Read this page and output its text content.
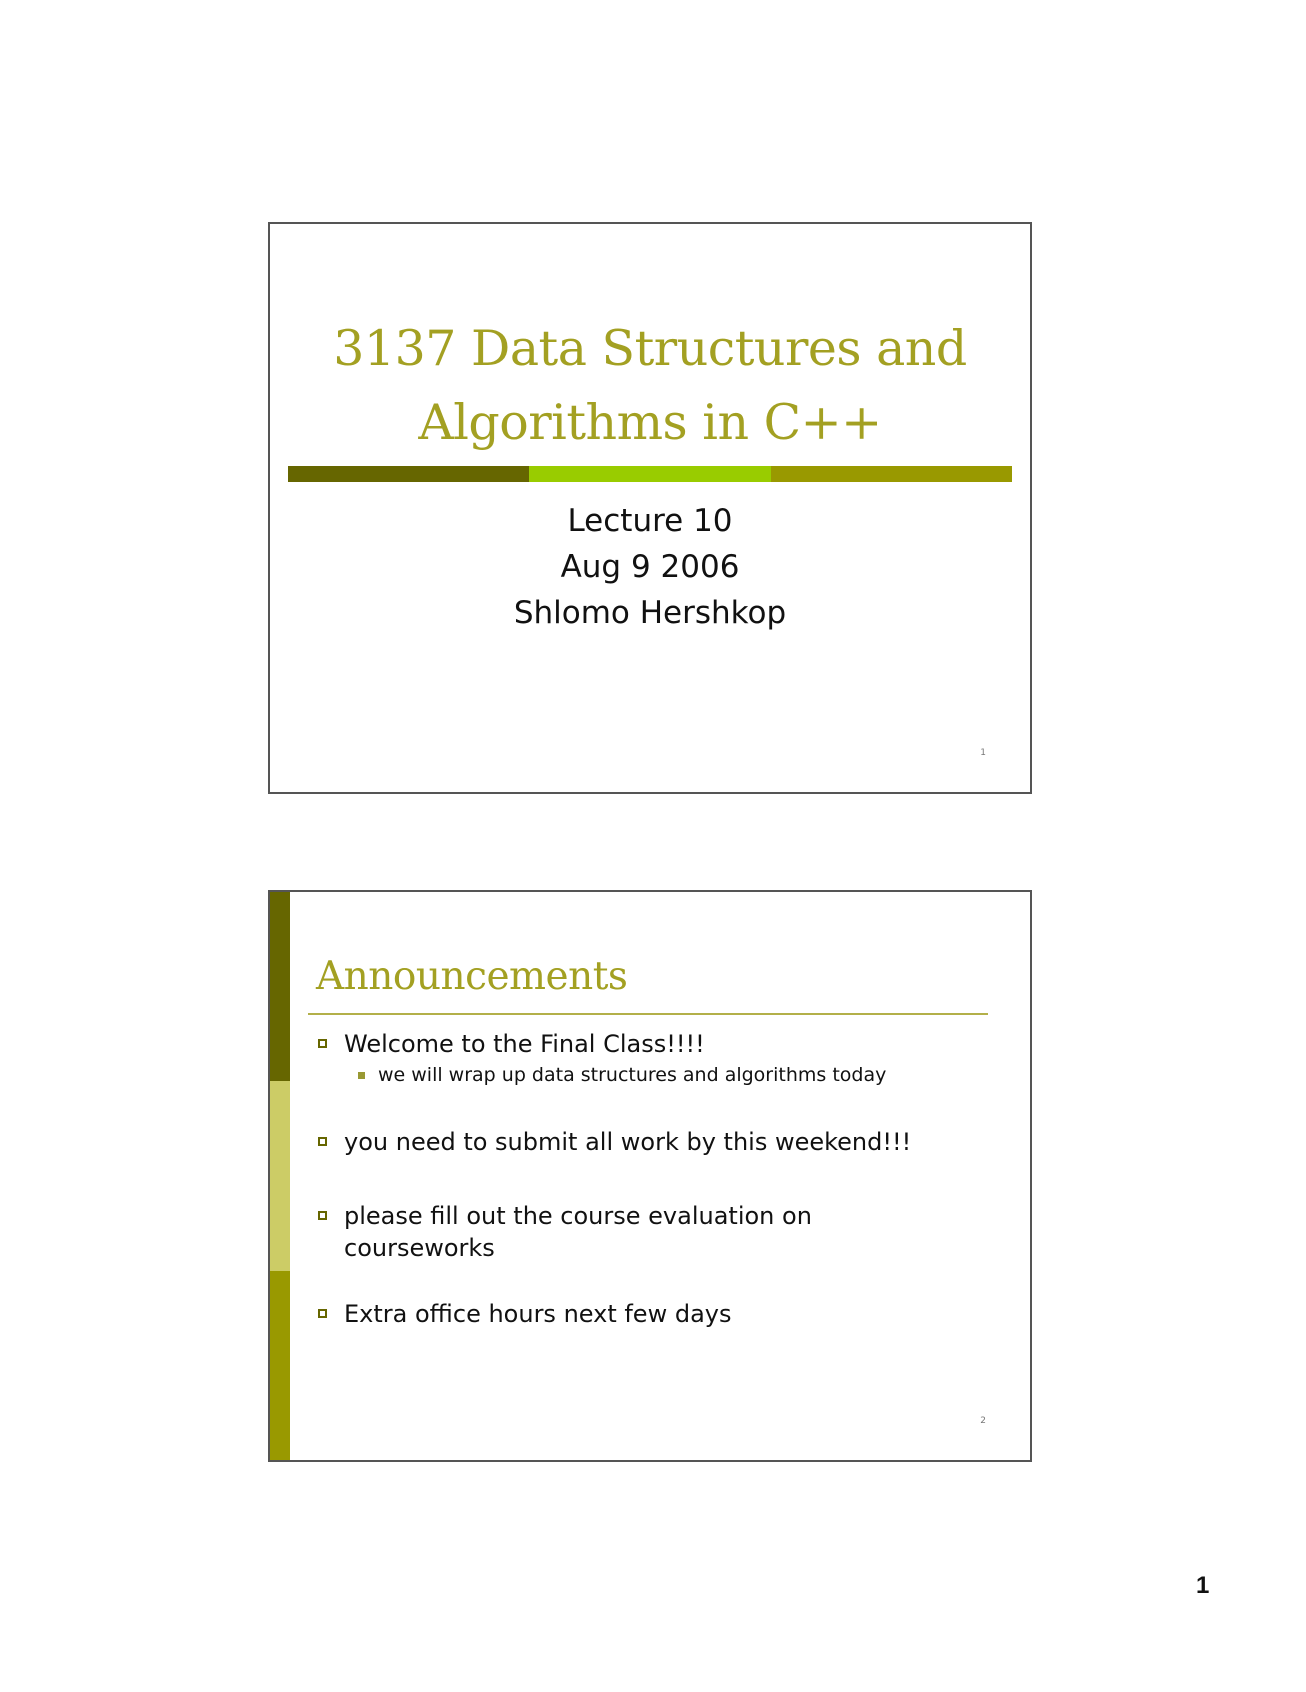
3137 Data Structures and
Algorithms in C++
Lecture 10
Aug 9 2006
Shlomo Hershkop
1
Announcements
Welcome to the Final Class!!!!
we will wrap up data structures and algorithms today
you need to submit all work by this weekend!!!
please fill out the course evaluation on courseworks
Extra office hours next few days
2
1
